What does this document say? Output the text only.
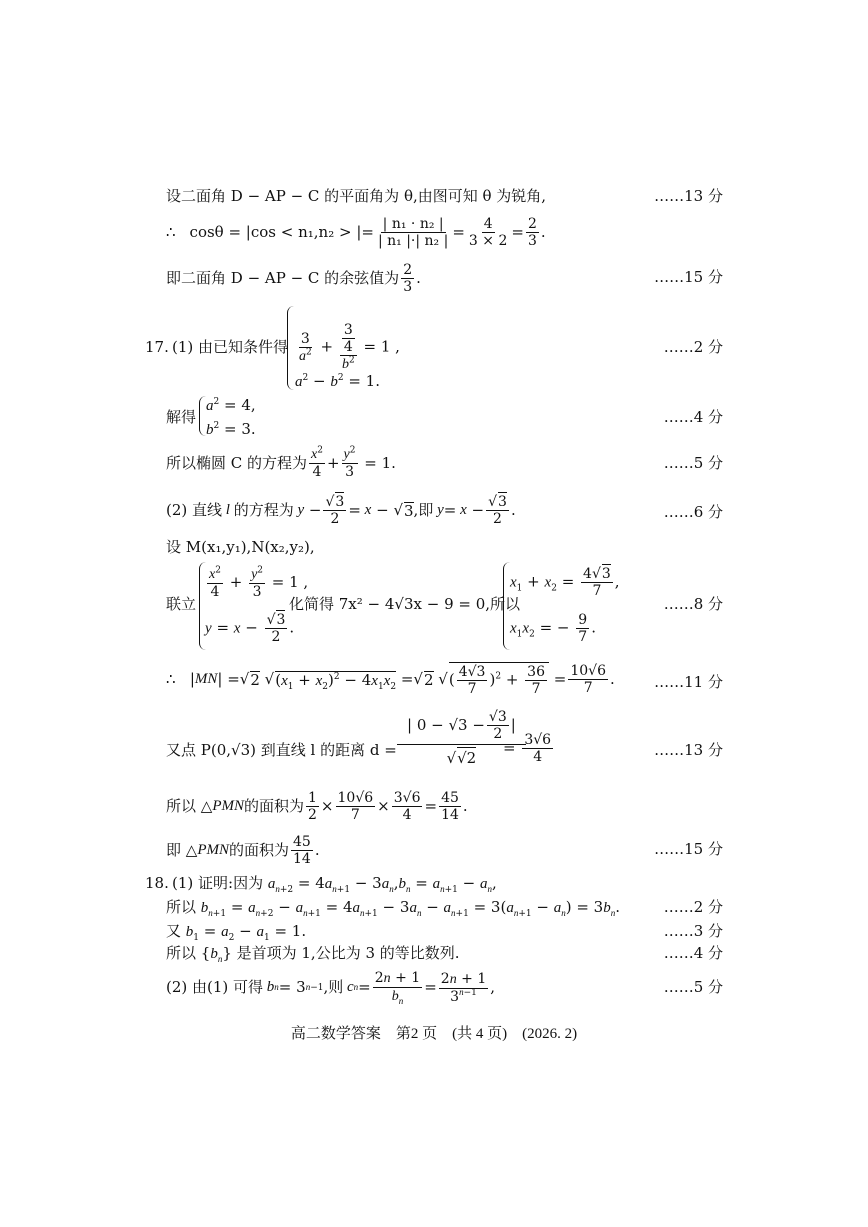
设二面角 D − AP − C 的平面角为 θ,由图可知 θ 为锐角,	……13 分
∴ cosθ = |cos < n₁,n₂ > |= $\frac{\text{| n₁ · n₂ |}}{\text{| n₁ |·| n₂ |}} = \frac{4}{3 \times 2} = \frac{2}{3}$ .
即二面角 D − AP − C 的余弦值为 $\frac{2}{3}$ .	……15 分
17. (1) 由已知条件得 $\frac{3}{a^2} + \frac{\frac{3}{4}}{b^2} = 1$ ,
$a^2 - b^2 = 1$.
……2 分
解得
$a^2 = 4$,
$b^2 = 3$.
……4 分
所以椭圆 C 的方程为 $\frac{x^2}{4} + \frac{y^2}{3} = 1$.	……5 分
(2) 直线 l 的方程为 $y - \frac{√3}{2} = x$ − √ 3 ,即 $y = x - \frac{√3}{2}$ .	……6 分
设 M(x₁,y₁),N(x₂,y₂),
联立
$\frac{x^2}{4} + \frac{y^2}{3} = 1$ ,
$y = x - \frac{√3}{2}$ .
化简得 7x² − 4√3x − 9 = 0,所以
$x_1 + x_2 = \frac{4√3}{7}$ ,
$x_1x_2$ = − $\frac{9}{7}$ .
……8 分
∴   | MN | = √ 2 √ $(x_1 + x_2)^2 - 4x_1x_2$ = √ 2 √ ( $\frac{4√3}{7} )^2 + \frac{36}{7} = \frac{10√6}{7}$ .	……11 分
又点 P(0,√3) 到直线 l 的距离 $d = \frac{| 0 - √3 - \frac{√3}{2} |}{√√2}$
= $\frac{3√6}{4}$	……13 分
所以 △ PMN 的面积为 $\frac{1}{2} \times \frac{10√6}{7} \times \frac{3√6}{4} = \frac{45}{14}$ .
即 △ PMN 的面积为 $\frac{45}{14}$ .	……15 分
18. (1) 证明:因为 $a_{n+2} = 4a_{n+1} - 3a_n,b_n = a_{n+1} - a_n$,
所以 $b_{n+1} = a_{n+2} - a_{n+1} = 4a_{n+1} - 3a_n - a_{n+1} = 3(a_{n+1} - a_n) = 3b_n$.	……2 分
又 $b_1 = a_2 - a_1 = 1$.	……3 分
所以 $\{b_n\}$ 是首项为 1,公比为 3 的等比数列.	……4 分
(2) 由(1) 可得 b n = 3 n−1 ,则 c $n = \frac{2n + 1}{b_n} = \frac{2n + 1}{3^{n-1}}$ ,	……5 分
高二数学答案　第2 页　(共 4 页)　(2026. 2)
